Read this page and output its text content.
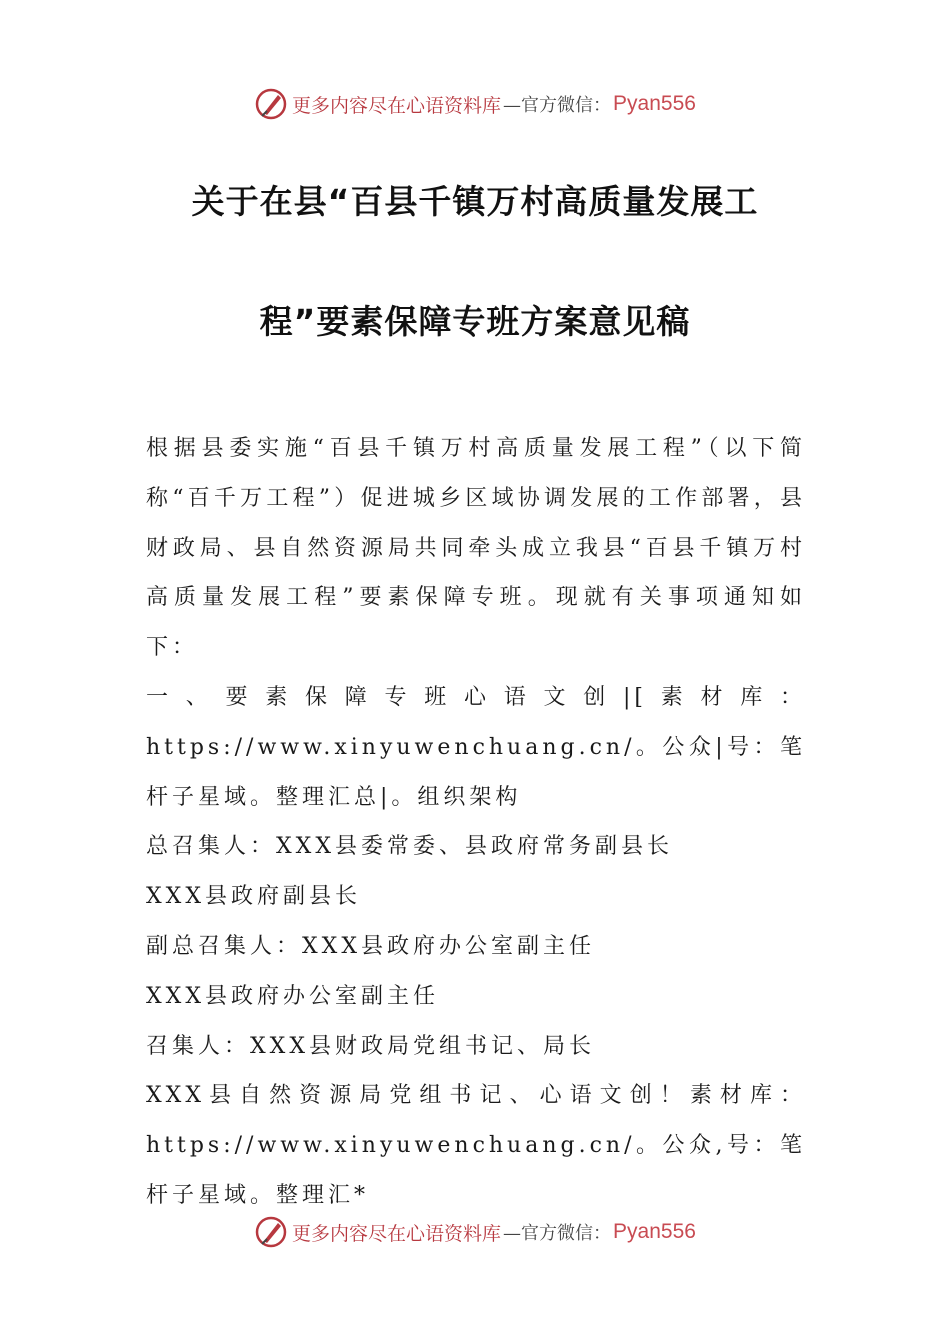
更多内容尽在心语资料库 —官方微信： Pyan556
关于在县“百县千镇万村高质量发展工
程”要素保障专班方案意见稿

根据县委实施“百县千镇万村高质量发展工程”（以下简称“百千万工程”）促进城乡区域协调发展的工作部署，县财政局、县自然资源局共同牵头成立我县“百县千镇万村高质量发展工程”要素保障专班。现就有关事项通知如下：

一、要素保障专班心语文创|[素材库：https://www.xinyuwenchuang.cn/。公众|号：笔杆子星域。整理汇总|。组织架构

总召集人：XXX县委常委、县政府常务副县长

XXX县政府副县长

副总召集人：XXX县政府办公室副主任

XXX县政府办公室副主任

召集人：XXX县财政局党组书记、局长

XXX县自然资源局党组书记、心语文创！素材库：https://www.xinyuwenchuang.cn/。公众,号：笔杆子星域。整理汇*

更多内容尽在心语资料库 —官方微信： Pyan556
